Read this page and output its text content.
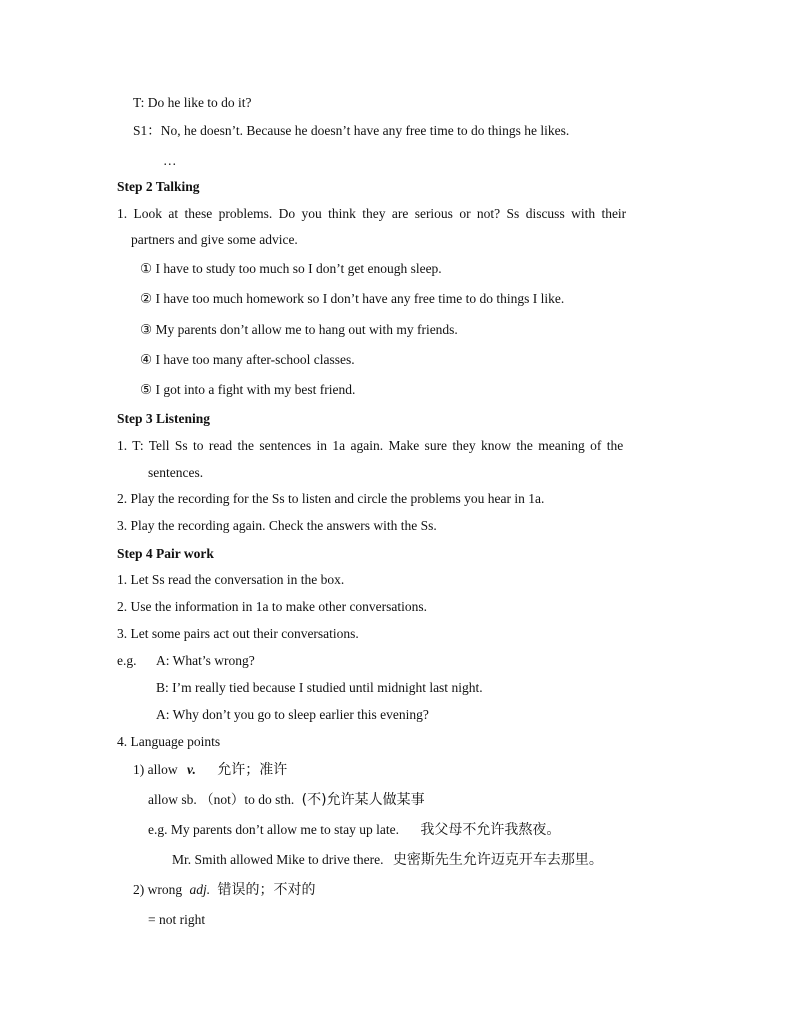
T: Do he like to do it?
S1：No, he doesn’t. Because he doesn’t have any free time to do things he likes.
…
Step 2 Talking
1. Look at these problems. Do you think they are serious or not? Ss discuss with their
partners and give some advice.
① I have to study too much so I don’t get enough sleep.
② I have too much homework so I don’t have any free time to do things I like.
③ My parents don’t allow me to hang out with my friends.
④ I have too many after-school classes.
⑤ I got into a fight with my best friend.
Step 3 Listening
1. T: Tell Ss to read the sentences in 1a again. Make sure they know the meaning of the
sentences.
2. Play the recording for the Ss to listen and circle the problems you hear in 1a.
3. Play the recording again. Check the answers with the Ss.
Step 4 Pair work
1. Let Ss read the conversation in the box.
2. Use the information in 1a to make other conversations.
3. Let some pairs act out their conversations.
e.g. A: What’s wrong?
B: I’m really tied because I studied until midnight last night.
A: Why don’t you go to sleep earlier this evening?
4. Language points
1) allow v. 允许；准许
allow sb. （not）to do sth. (不)允许某人做某事
e.g. My parents don’t allow me to stay up late. 我父母不允许我熬夜。
Mr. Smith allowed Mike to drive there. 史密斯先生允许迈克开车去那里。
2) wrong adj. 错误的；不对的
= not right
